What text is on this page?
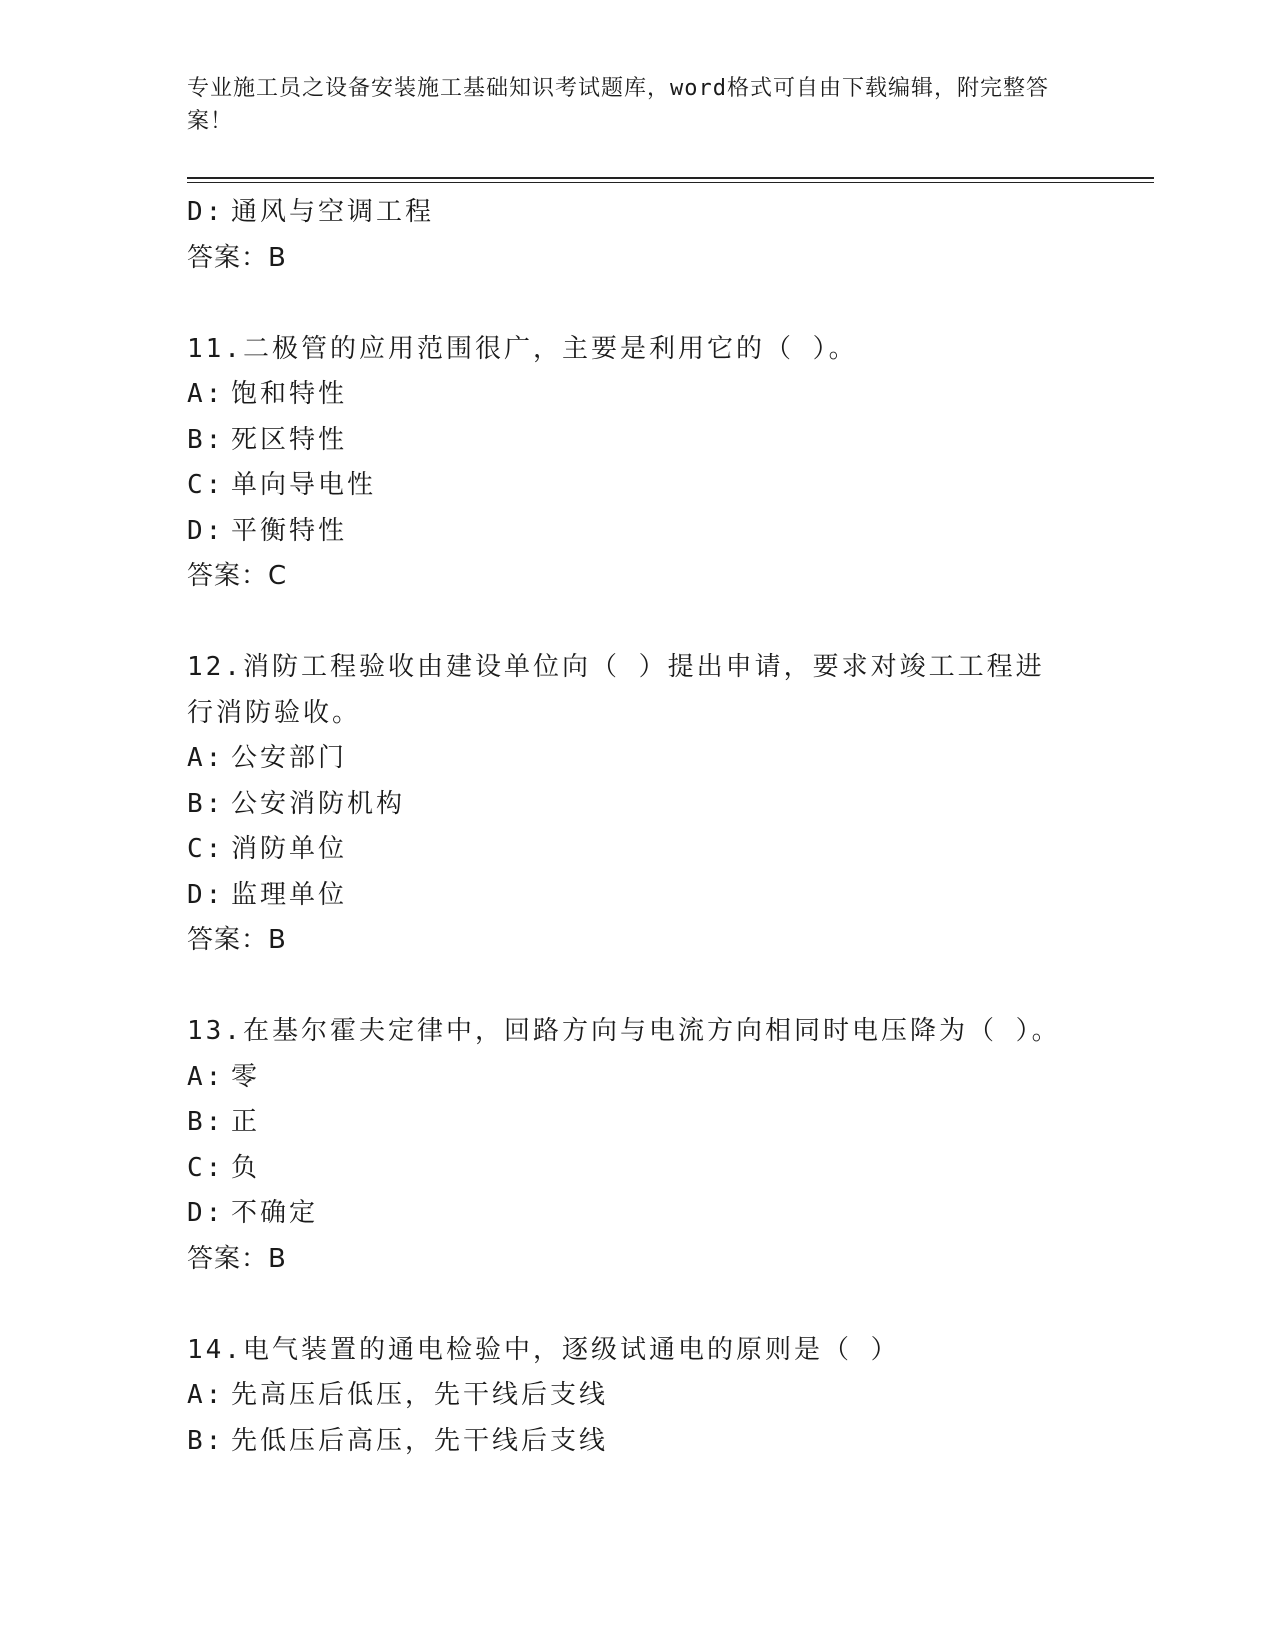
专业施工员之设备安装施工基础知识考试题库，word格式可自由下载编辑，附完整答案！
D: 通风与空调工程
答案：B
11.二极管的应用范围很广，主要是利用它的（ ）。
A: 饱和特性
B: 死区特性
C: 单向导电性
D: 平衡特性
答案：C
12.消防工程验收由建设单位向（ ）提出申请，要求对竣工工程进行消防验收。
A: 公安部门
B: 公安消防机构
C: 消防单位
D: 监理单位
答案：B
13.在基尔霍夫定律中，回路方向与电流方向相同时电压降为（ ）。
A: 零
B: 正
C: 负
D: 不确定
答案：B
14.电气装置的通电检验中，逐级试通电的原则是（ ）
A: 先高压后低压，先干线后支线
B: 先低压后高压，先干线后支线
